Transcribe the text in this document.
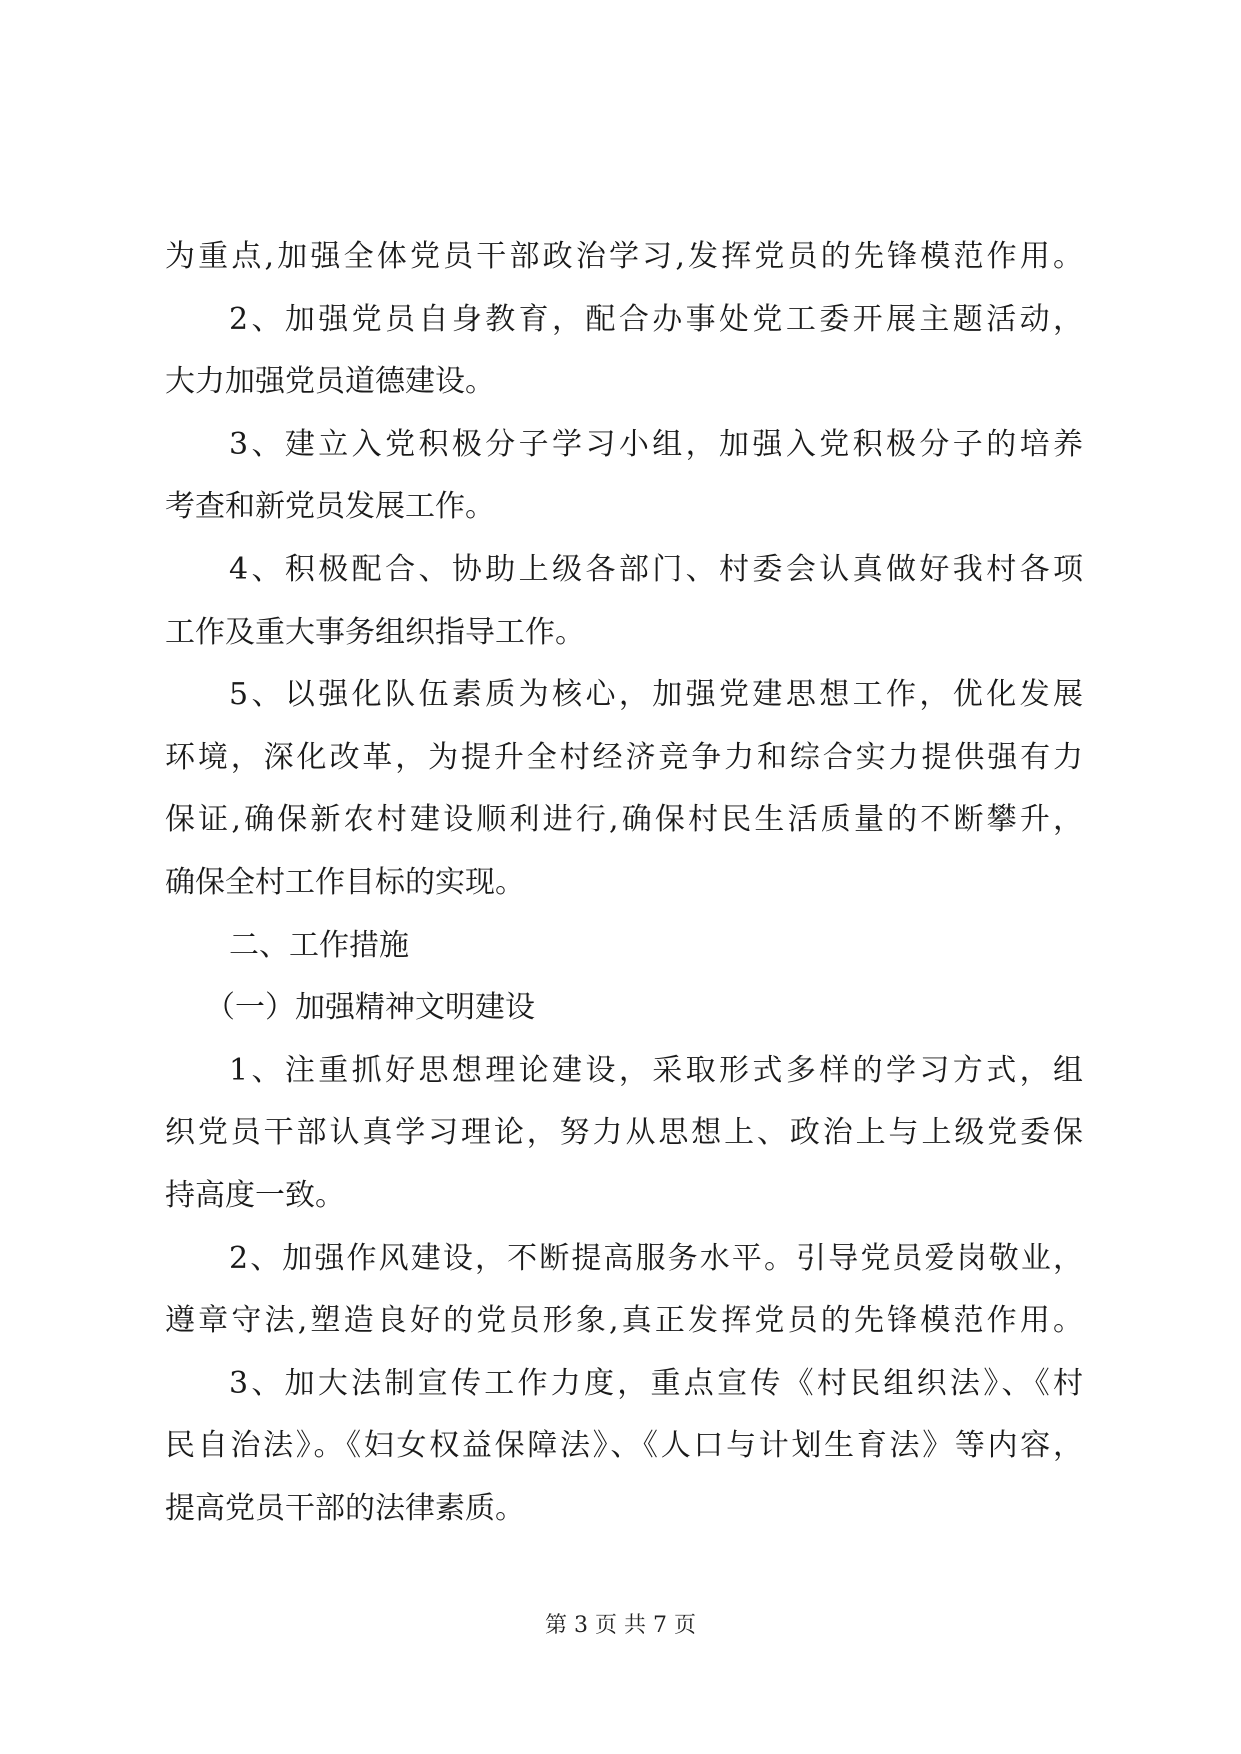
为重点,加强全体党员干部政治学习,发挥党员的先锋模范作用。
2、加强党员自身教育，配合办事处党工委开展主题活动，
大力加强党员道德建设。
3、建立入党积极分子学习小组，加强入党积极分子的培养
考查和新党员发展工作。
4、积极配合、协助上级各部门、村委会认真做好我村各项
工作及重大事务组织指导工作。
5、以强化队伍素质为核心，加强党建思想工作，优化发展
环境，深化改革，为提升全村经济竞争力和综合实力提供强有力
保证,确保新农村建设顺利进行,确保村民生活质量的不断攀升，
确保全村工作目标的实现。
二、工作措施
（一）加强精神文明建设
1、注重抓好思想理论建设，采取形式多样的学习方式，组
织党员干部认真学习理论，努力从思想上、政治上与上级党委保
持高度一致。
2、加强作风建设，不断提高服务水平。引导党员爱岗敬业，
遵章守法,塑造良好的党员形象,真正发挥党员的先锋模范作用。
3、加大法制宣传工作力度，重点宣传《村民组织法》、《村
民自治法》。《妇女权益保障法》、《人口与计划生育法》等内容，
提高党员干部的法律素质。
第 3 页 共 7 页
